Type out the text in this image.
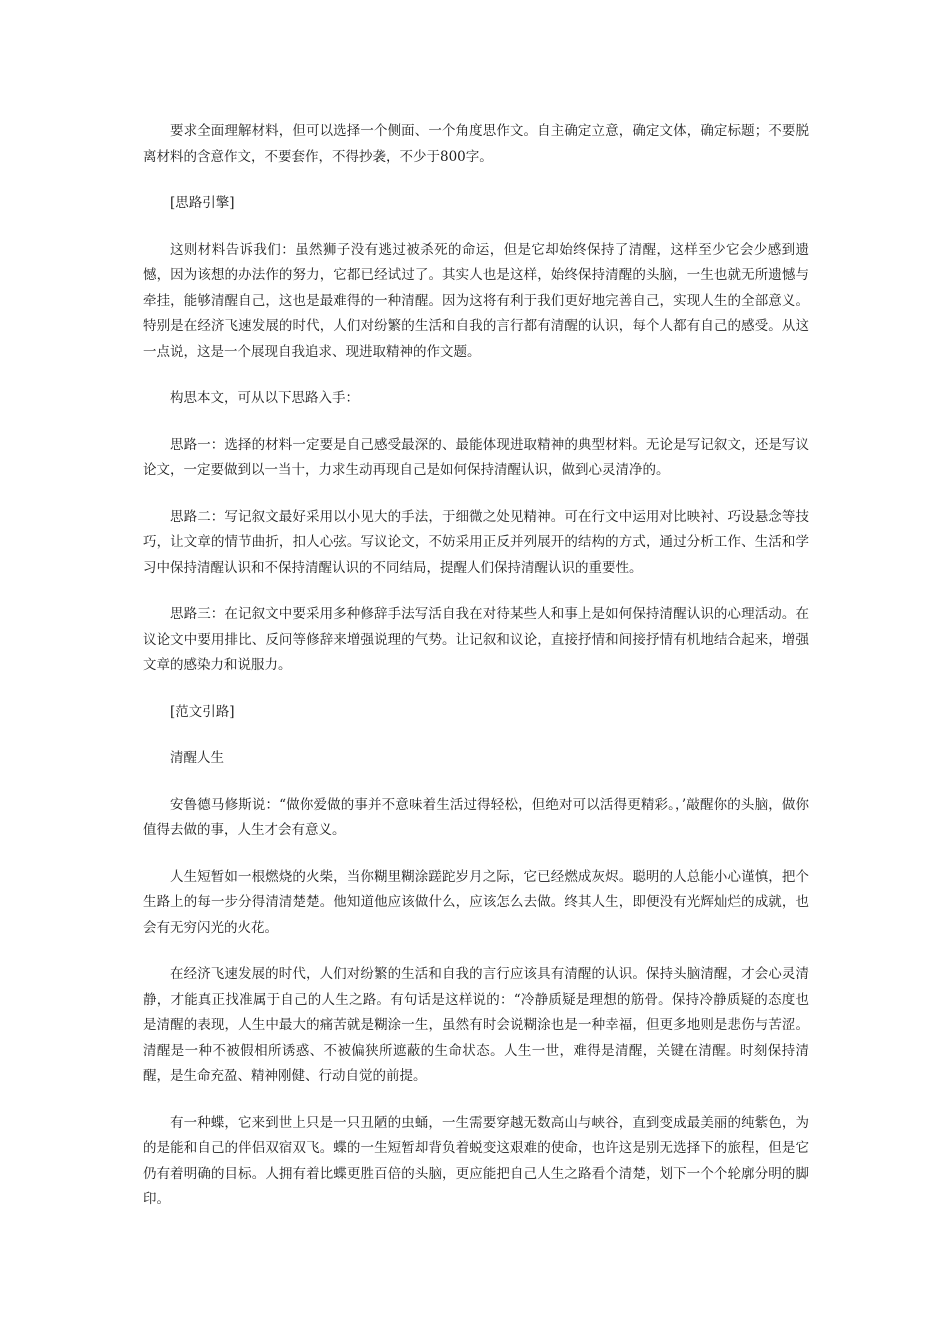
要求全面理解材料，但可以选择一个侧面、一个角度思作文。自主确定立意，确定文体，确定标题；不要脱离材料的含意作文，不要套作，不得抄袭，不少于800字。

[思路引擎]

这则材料告诉我们：虽然狮子没有逃过被杀死的命运，但是它却始终保持了清醒，这样至少它会少感到遗憾，因为该想的办法作的努力，它都已经试过了。其实人也是这样，始终保持清醒的头脑，一生也就无所遗憾与牵挂，能够清醒自己，这也是最难得的一种清醒。因为这将有利于我们更好地完善自己，实现人生的全部意义。特别是在经济飞速发展的时代，人们对纷繁的生活和自我的言行都有清醒的认识，每个人都有自己的感受。从这一点说，这是一个展现自我追求、现进取精神的作文题。

构思本文，可从以下思路入手：

思路一：选择的材料一定要是自己感受最深的、最能体现进取精神的典型材料。无论是写记叙文，还是写议论文，一定要做到以一当十，力求生动再现自己是如何保持清醒认识，做到心灵清净的。

思路二：写记叙文最好采用以小见大的手法，于细微之处见精神。可在行文中运用对比映衬、巧设悬念等技巧，让文章的情节曲折，扣人心弦。写议论文，不妨采用正反并列展开的结构的方式，通过分析工作、生活和学习中保持清醒认识和不保持清醒认识的不同结局，提醒人们保持清醒认识的重要性。

思路三：在记叙文中要采用多种修辞手法写活自我在对待某些人和事上是如何保持清醒认识的心理活动。在议论文中要用排比、反问等修辞来增强说理的气势。让记叙和议论，直接抒情和间接抒情有机地结合起来，增强文章的感染力和说服力。

[范文引路]

清醒人生

安鲁德马修斯说：“做你爱做的事并不意味着生活过得轻松，但绝对可以活得更精彩。，’敲醒你的头脑，做你值得去做的事，人生才会有意义。

人生短暂如一根燃烧的火柴，当你糊里糊涂蹉跎岁月之际，它已经燃成灰烬。聪明的人总能小心谨慎，把个生路上的每一步分得清清楚楚。他知道他应该做什么，应该怎么去做。终其人生，即便没有光辉灿烂的成就，也会有无穷闪光的火花。

在经济飞速发展的时代，人们对纷繁的生活和自我的言行应该具有清醒的认识。保持头脑清醒，才会心灵清静，才能真正找准属于自己的人生之路。有句话是这样说的：“冷静质疑是理想的筋骨。保持冷静质疑的态度也是清醒的表现，人生中最大的痛苦就是糊涂一生，虽然有时会说糊涂也是一种幸福，但更多地则是悲伤与苦涩。清醒是一种不被假相所诱惑、不被偏狭所遮蔽的生命状态。人生一世，难得是清醒，关键在清醒。时刻保持清醒，是生命充盈、精神刚健、行动自觉的前提。

有一种蝶，它来到世上只是一只丑陋的虫蛹，一生需要穿越无数高山与峡谷，直到变成最美丽的纯紫色，为的是能和自己的伴侣双宿双飞。蝶的一生短暂却背负着蜕变这艰难的使命，也许这是别无选择下的旅程，但是它仍有着明确的目标。人拥有着比蝶更胜百倍的头脑，更应能把自己人生之路看个清楚，划下一个个轮廓分明的脚印。
